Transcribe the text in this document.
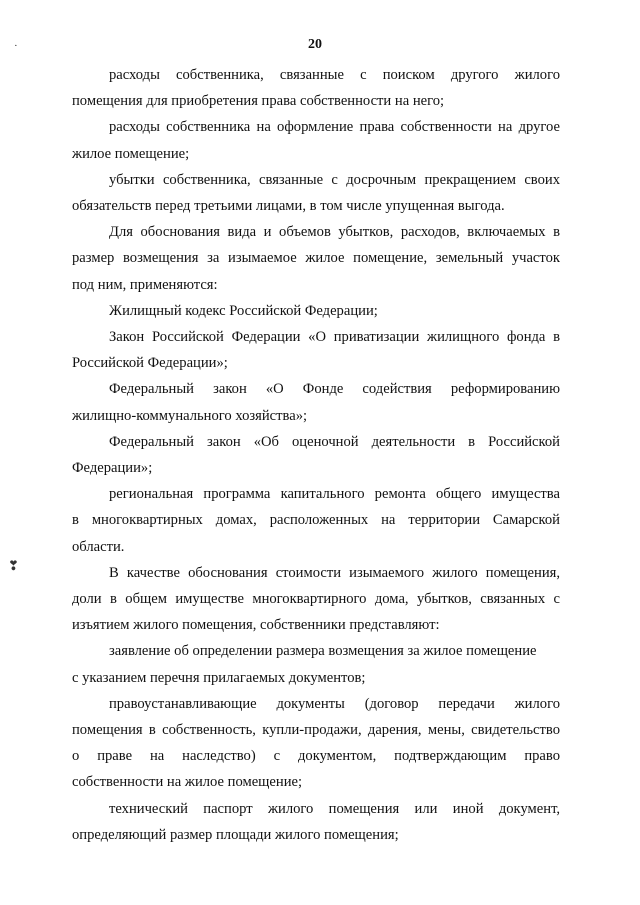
20
❣
·
расходы собственника, связанные с поиском другого жилого
помещения для приобретения права собственности на него;
расходы собственника на оформление права собственности на другое
жилое помещение;
убытки собственника, связанные с досрочным прекращением своих
обязательств перед третьими лицами, в том числе упущенная выгода.
Для обоснования вида и объемов убытков, расходов, включаемых в
размер возмещения за изымаемое жилое помещение, земельный участок
под ним, применяются:
Жилищный кодекс Российской Федерации;
Закон Российской Федерации «О приватизации жилищного фонда в
Российской Федерации»;
Федеральный закон «О Фонде содействия реформированию
жилищно-коммунального хозяйства»;
Федеральный закон «Об оценочной деятельности в Российской
Федерации»;
региональная программа капитального ремонта общего имущества
в многоквартирных домах, расположенных на территории Самарской
области.
В качестве обоснования стоимости изымаемого жилого помещения,
доли в общем имуществе многоквартирного дома, убытков, связанных с
изъятием жилого помещения, собственники представляют:
заявление об определении размера возмещения за жилое помещение
с указанием перечня прилагаемых документов;
правоустанавливающие документы (договор передачи жилого
помещения в собственность, купли-продажи, дарения, мены, свидетельство
о праве на наследство) с документом, подтверждающим право
собственности на жилое помещение;
технический паспорт жилого помещения или иной документ,
определяющий размер площади жилого помещения;
